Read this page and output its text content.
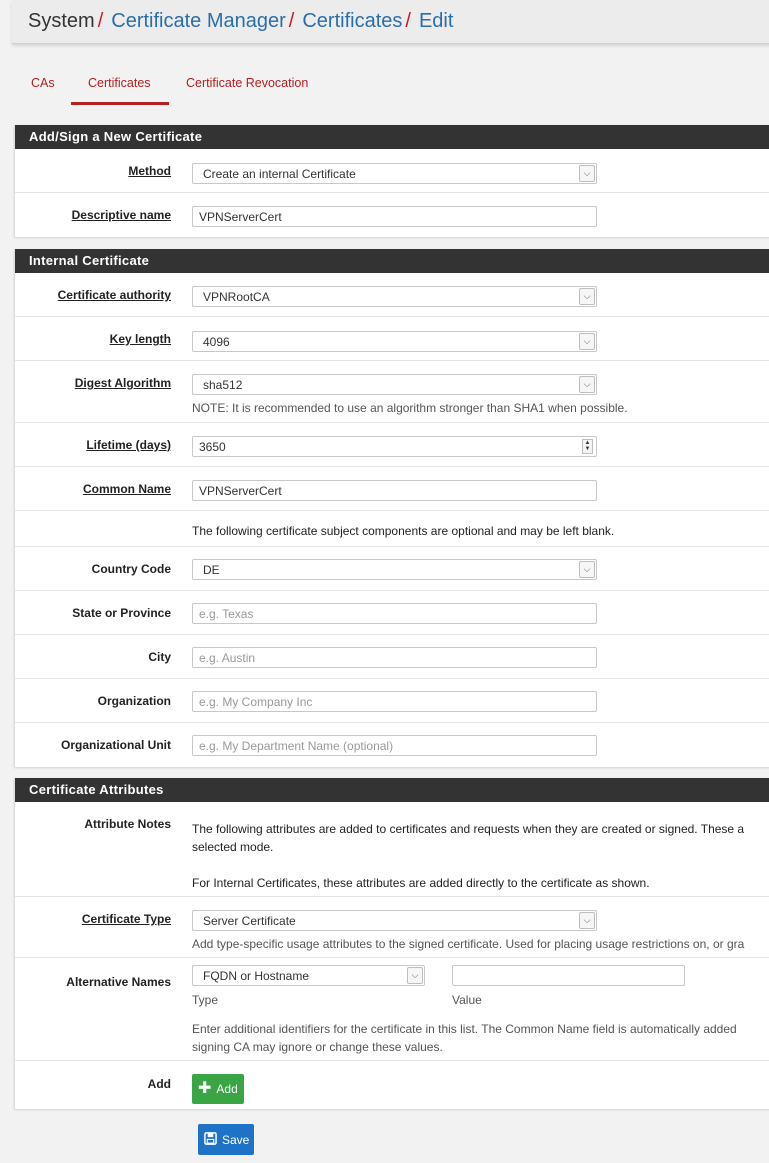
System / Certificate Manager / Certificates / Edit
CAs	Certificates	Certificate Revocation
Add/Sign a New Certificate
Method	Create an internal Certificate	⌵
Descriptive name	VPNServerCert
Internal Certificate
Certificate authority	VPNRootCA	⌵
Key length	4096	⌵
Digest Algorithm	sha512	⌵
NOTE: It is recommended to use an algorithm stronger than SHA1 when possible.
Lifetime (days)	3650	▲
▼
Common Name	VPNServerCert
The following certificate subject components are optional and may be left blank.
Country Code	DE	⌵
State or Province	e.g. Texas
City	e.g. Austin
Organization	e.g. My Company Inc
Organizational Unit	e.g. My Department Name (optional)
Certificate Attributes
Attribute Notes The following attributes are added to certificates and requests when they are created or signed. These a
selected mode.
For Internal Certificates, these attributes are added directly to the certificate as shown.
Certificate Type	Server Certificate	⌵
Add type-specific usage attributes to the signed certificate. Used for placing usage restrictions on, or gra
Alternative Names	FQDN or Hostname	⌵
Type	Value
Enter additional identifiers for the certificate in this list. The Common Name field is automatically added
signing CA may ignore or change these values.
Add ✚ Add
Save
